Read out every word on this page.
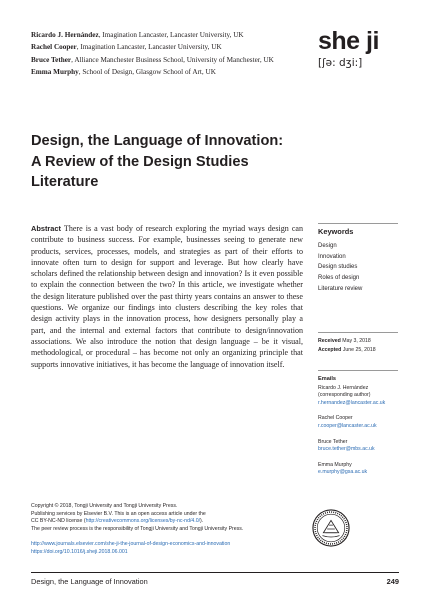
Ricardo J. Hernández, Imagination Lancaster, Lancaster University, UK
Rachel Cooper, Imagination Lancaster, Lancaster University, UK
Bruce Tether, Alliance Manchester Business School, University of Manchester, UK
Emma Murphy, School of Design, Glasgow School of Art, UK
she ji
[ʃə: dʒi:]
Design, the Language of Innovation:
A Review of the Design Studies
Literature
Abstract There is a vast body of research exploring the myriad ways design can contribute to business success. For example, businesses seeing to generate new products, services, processes, models, and strategies as part of their efforts to innovate often turn to design for support and leverage. But how clearly have scholars defined the relationship between design and innovation? Is it even possible to explain the connection between the two? In this article, we investigate whether the design literature published over the past thirty years contains an answer to these questions. We organize our findings into clusters describing the key roles that design activity plays in the innovation process, how designers personally play a part, and the internal and external factors that contribute to design/innovation associations. We also introduce the notion that design language – be it visual, methodological, or procedural – has become not only an organizing principle that supports innovative initiatives, it has become the language of innovation itself.
Keywords
Design
Innovation
Design studies
Roles of design
Literature review
Received May 3, 2018
Accepted June 25, 2018
Emails
Ricardo J. Hernández
(corresponding author)
r.hernandez@lancaster.ac.uk
Rachel Cooper
r.cooper@lancaster.ac.uk
Bruce Tether
bruce.tether@mbs.ac.uk
Emma Murphy
e.murphy@gsa.ac.uk
Copyright © 2018, Tongji University and Tongji University Press.
Publishing services by Elsevier B.V. This is an open access article under the
CC BY-NC-ND license (http://creativecommons.org/licenses/by-nc-nd/4.0/).
The peer review process is the responsibility of Tongji University and Tongji University Press.
http://www.journals.elsevier.com/she-ji-the-journal-of-design-economics-and-innovation
https://doi.org/10.1016/j.sheji.2018.06.001
Design, the Language of Innovation	249
